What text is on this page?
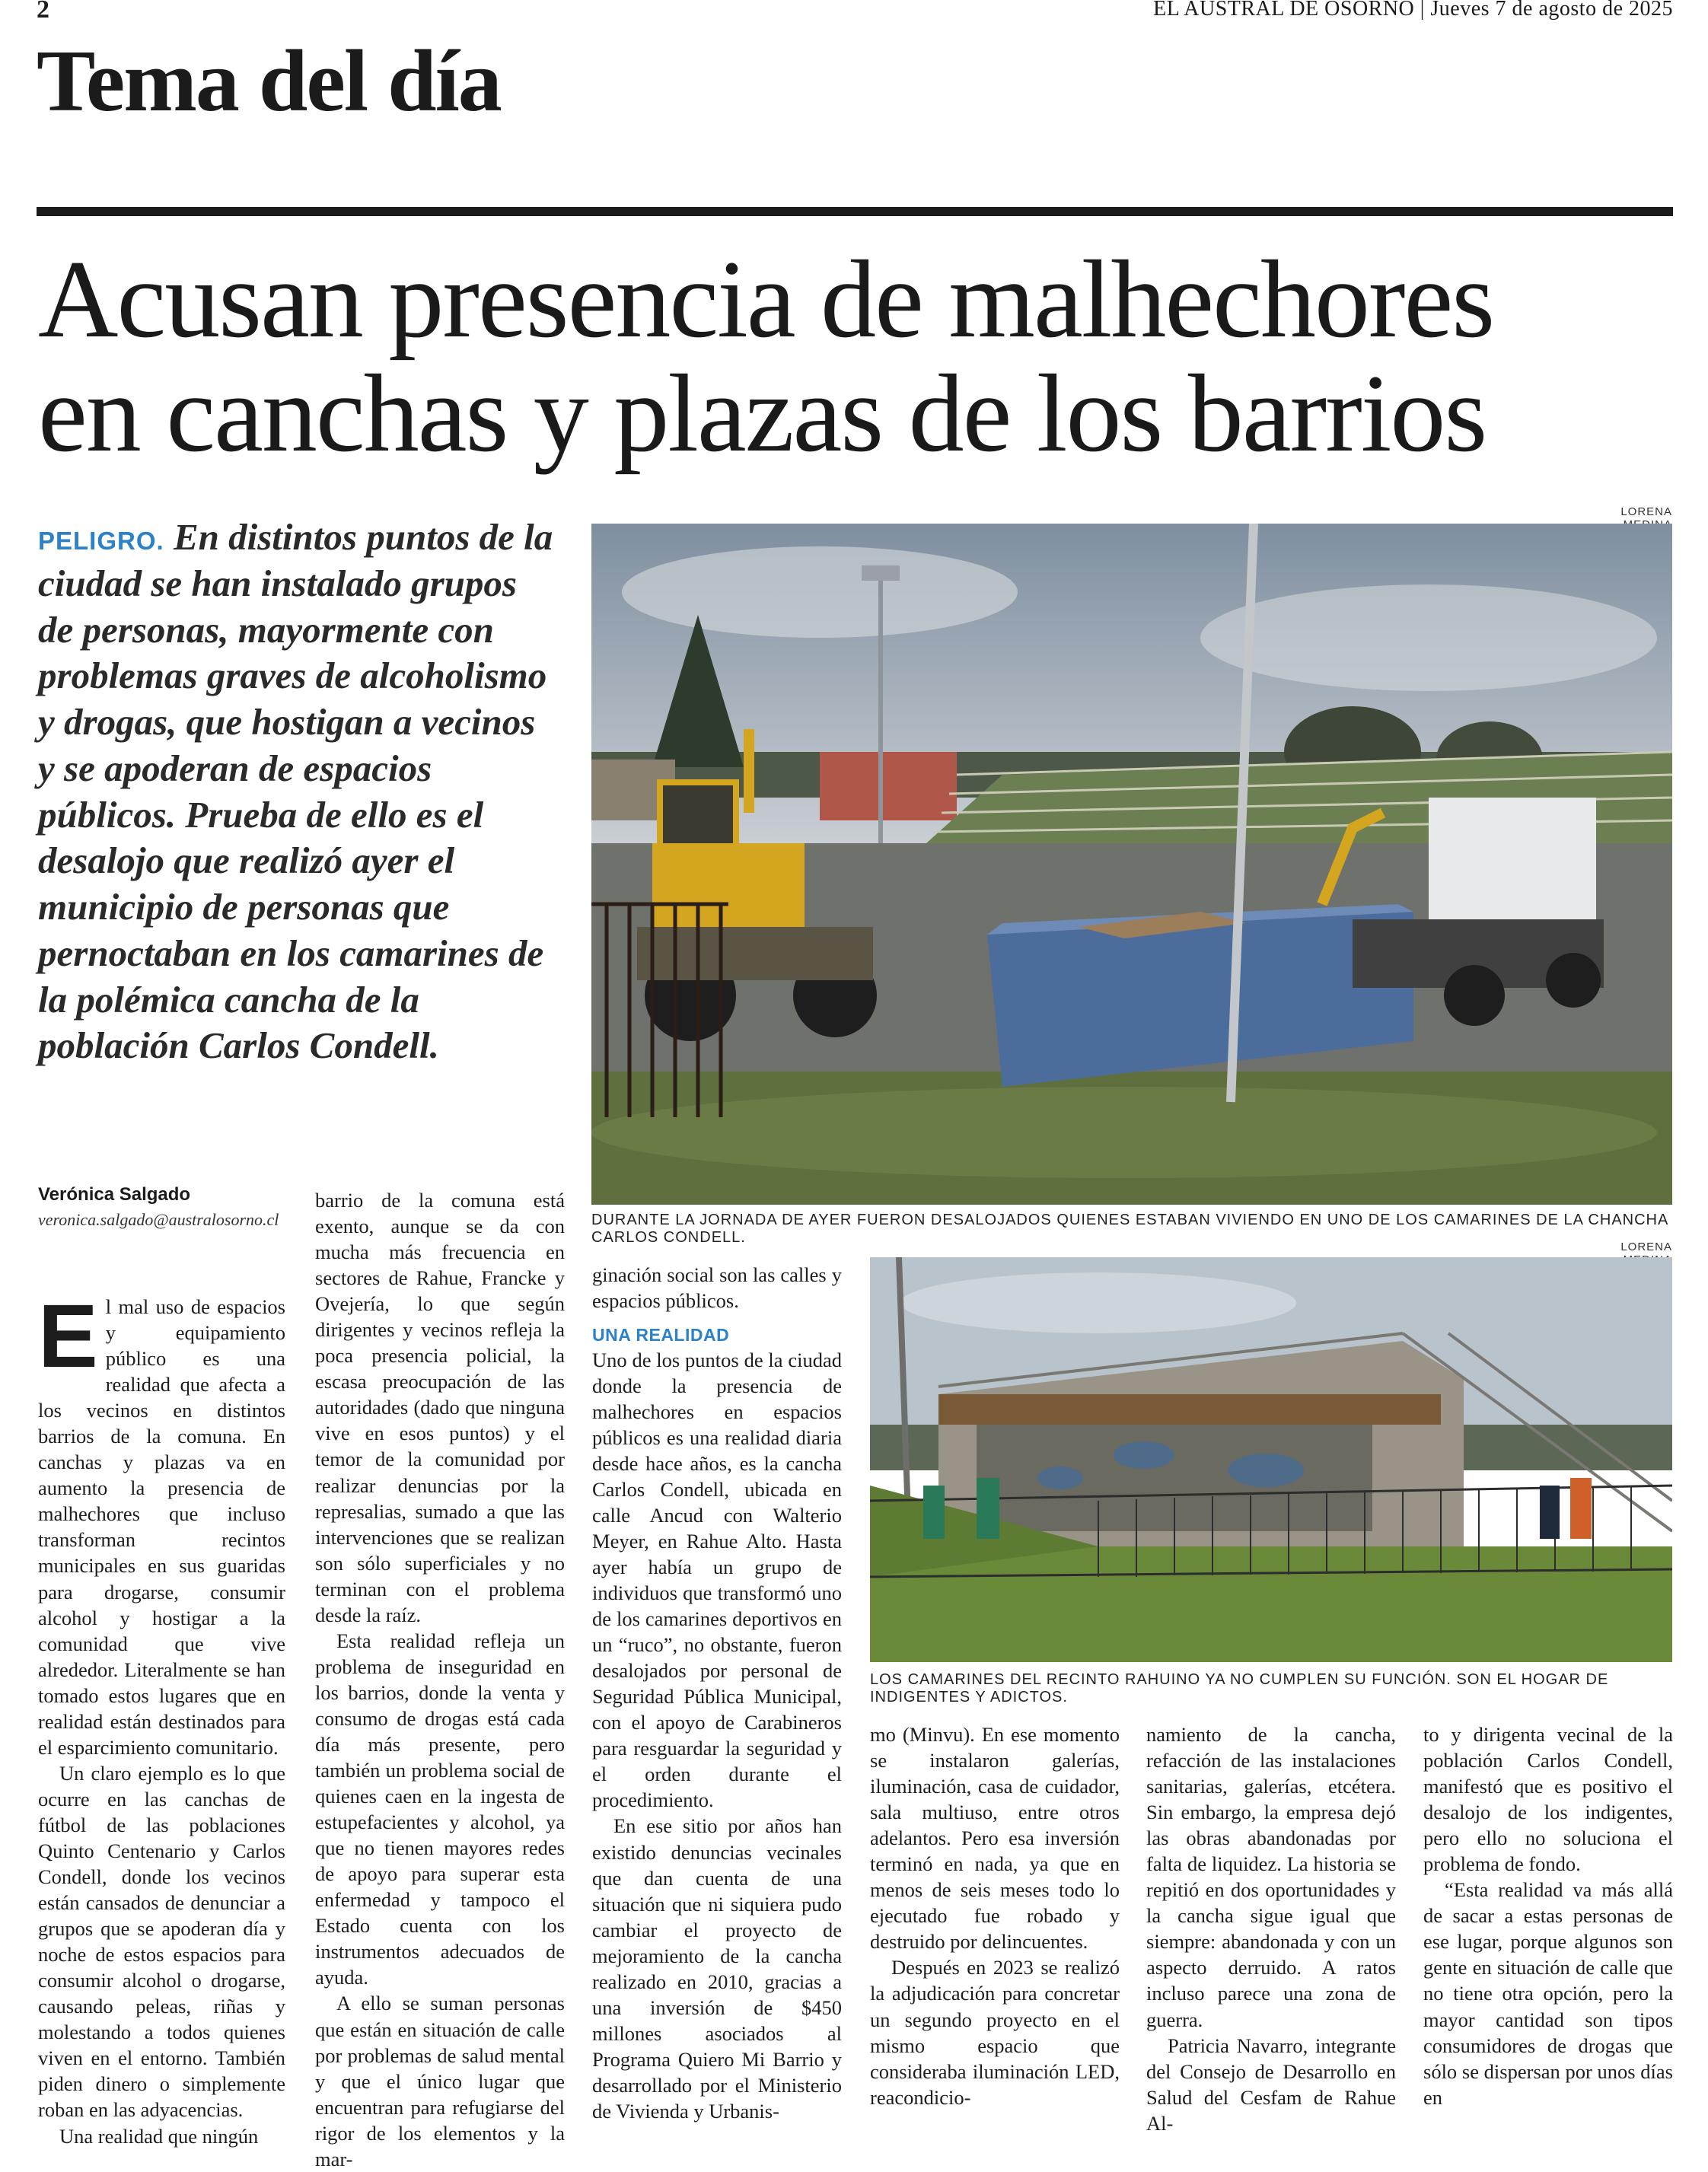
2	EL AUSTRAL DE OSORNO | Jueves 7 de agosto de 2025
Tema del día
Acusan presencia de malhechores
en canchas y plazas de los barrios
PELIGRO. En distintos puntos de la ciudad se han instalado grupos de personas, mayormente con problemas graves de alcoholismo y drogas, que hostigan a vecinos y se apoderan de espacios públicos. Prueba de ello es el desalojo que realizó ayer el municipio de personas que pernoctaban en los camarines de la polémica cancha de la población Carlos Condell.
LORENA
DURANTE LA JORNADA DE AYER FUERON DESALOJADOS QUIENES ESTABAN VIVIENDO EN UNO DE LOS CAMARINES DE LA CHANCHA CARLOS CONDELL.
LORENA
LOS CAMARINES DEL RECINTO RAHUINO YA NO CUMPLEN SU FUNCIÓN. SON EL HOGAR DE INDIGENTES Y ADICTOS.
Verónica Salgado
veronica.salgado@australosorno.cl
E l mal uso de espacios y equipamiento público es una realidad que afecta a los vecinos en distintos barrios de la comuna. En canchas y plazas va en aumento la presencia de malhechores que incluso transforman recintos municipales en sus guaridas para drogarse, consumir alcohol y hostigar a la comunidad que vive alrededor. Literalmente se han tomado estos lugares que en realidad están destinados para el esparcimiento comunitario.

Un claro ejemplo es lo que ocurre en las canchas de fútbol de las poblaciones Quinto Centenario y Carlos Condell, donde los vecinos están cansados de denunciar a grupos que se apoderan día y noche de estos espacios para consumir alcohol o drogarse, causando peleas, riñas y molestando a todos quienes viven en el entorno. También piden dinero o simplemente roban en las adyacencias.

Una realidad que ningún

barrio de la comuna está exento, aunque se da con mucha más frecuencia en sectores de Rahue, Francke y Ovejería, lo que según dirigentes y vecinos refleja la poca presencia policial, la escasa preocupación de las autoridades (dado que ninguna vive en esos puntos) y el temor de la comunidad por realizar denuncias por la represalias, sumado a que las intervenciones que se realizan son sólo superficiales y no terminan con el problema desde la raíz.

Esta realidad refleja un problema de inseguridad en los barrios, donde la venta y consumo de drogas está cada día más presente, pero también un problema social de quienes caen en la ingesta de estupefacientes y alcohol, ya que no tienen mayores redes de apoyo para superar esta enfermedad y tampoco el Estado cuenta con los instrumentos adecuados de ayuda.

A ello se suman personas que están en situación de calle por problemas de salud mental y que el único lugar que encuentran para refugiarse del rigor de los elementos y la mar-

ginación social son las calles y espacios públicos.

UNA REALIDAD

Uno de los puntos de la ciudad donde la presencia de malhechores en espacios públicos es una realidad diaria desde hace años, es la cancha Carlos Condell, ubicada en calle Ancud con Walterio Meyer, en Rahue Alto. Hasta ayer había un grupo de individuos que transformó uno de los camarines deportivos en un “ruco”, no obstante, fueron desalojados por personal de Seguridad Pública Municipal, con el apoyo de Carabineros para resguardar la seguridad y el orden durante el procedimiento.

En ese sitio por años han existido denuncias vecinales que dan cuenta de una situación que ni siquiera pudo cambiar el proyecto de mejoramiento de la cancha realizado en 2010, gracias a una inversión de $450 millones asociados al Programa Quiero Mi Barrio y desarrollado por el Ministerio de Vivienda y Urbanis-

mo (Minvu). En ese momento se instalaron galerías, iluminación, casa de cuidador, sala multiuso, entre otros adelantos. Pero esa inversión terminó en nada, ya que en menos de seis meses todo lo ejecutado fue robado y destruido por delincuentes.

Después en 2023 se realizó la adjudicación para concretar un segundo proyecto en el mismo espacio que consideraba iluminación LED, reacondicio-

namiento de la cancha, refacción de las instalaciones sanitarias, galerías, etcétera. Sin embargo, la empresa dejó las obras abandonadas por falta de liquidez. La historia se repitió en dos oportunidades y la cancha sigue igual que siempre: abandonada y con un aspecto derruido. A ratos incluso parece una zona de guerra.

Patricia Navarro, integrante del Consejo de Desarrollo en Salud del Cesfam de Rahue Al-

to y dirigenta vecinal de la población Carlos Condell, manifestó que es positivo el desalojo de los indigentes, pero ello no soluciona el problema de fondo.

“Esta realidad va más allá de sacar a estas personas de ese lugar, porque algunos son gente en situación de calle que no tiene otra opción, pero la mayor cantidad son tipos consumidores de drogas que sólo se dispersan por unos días en
